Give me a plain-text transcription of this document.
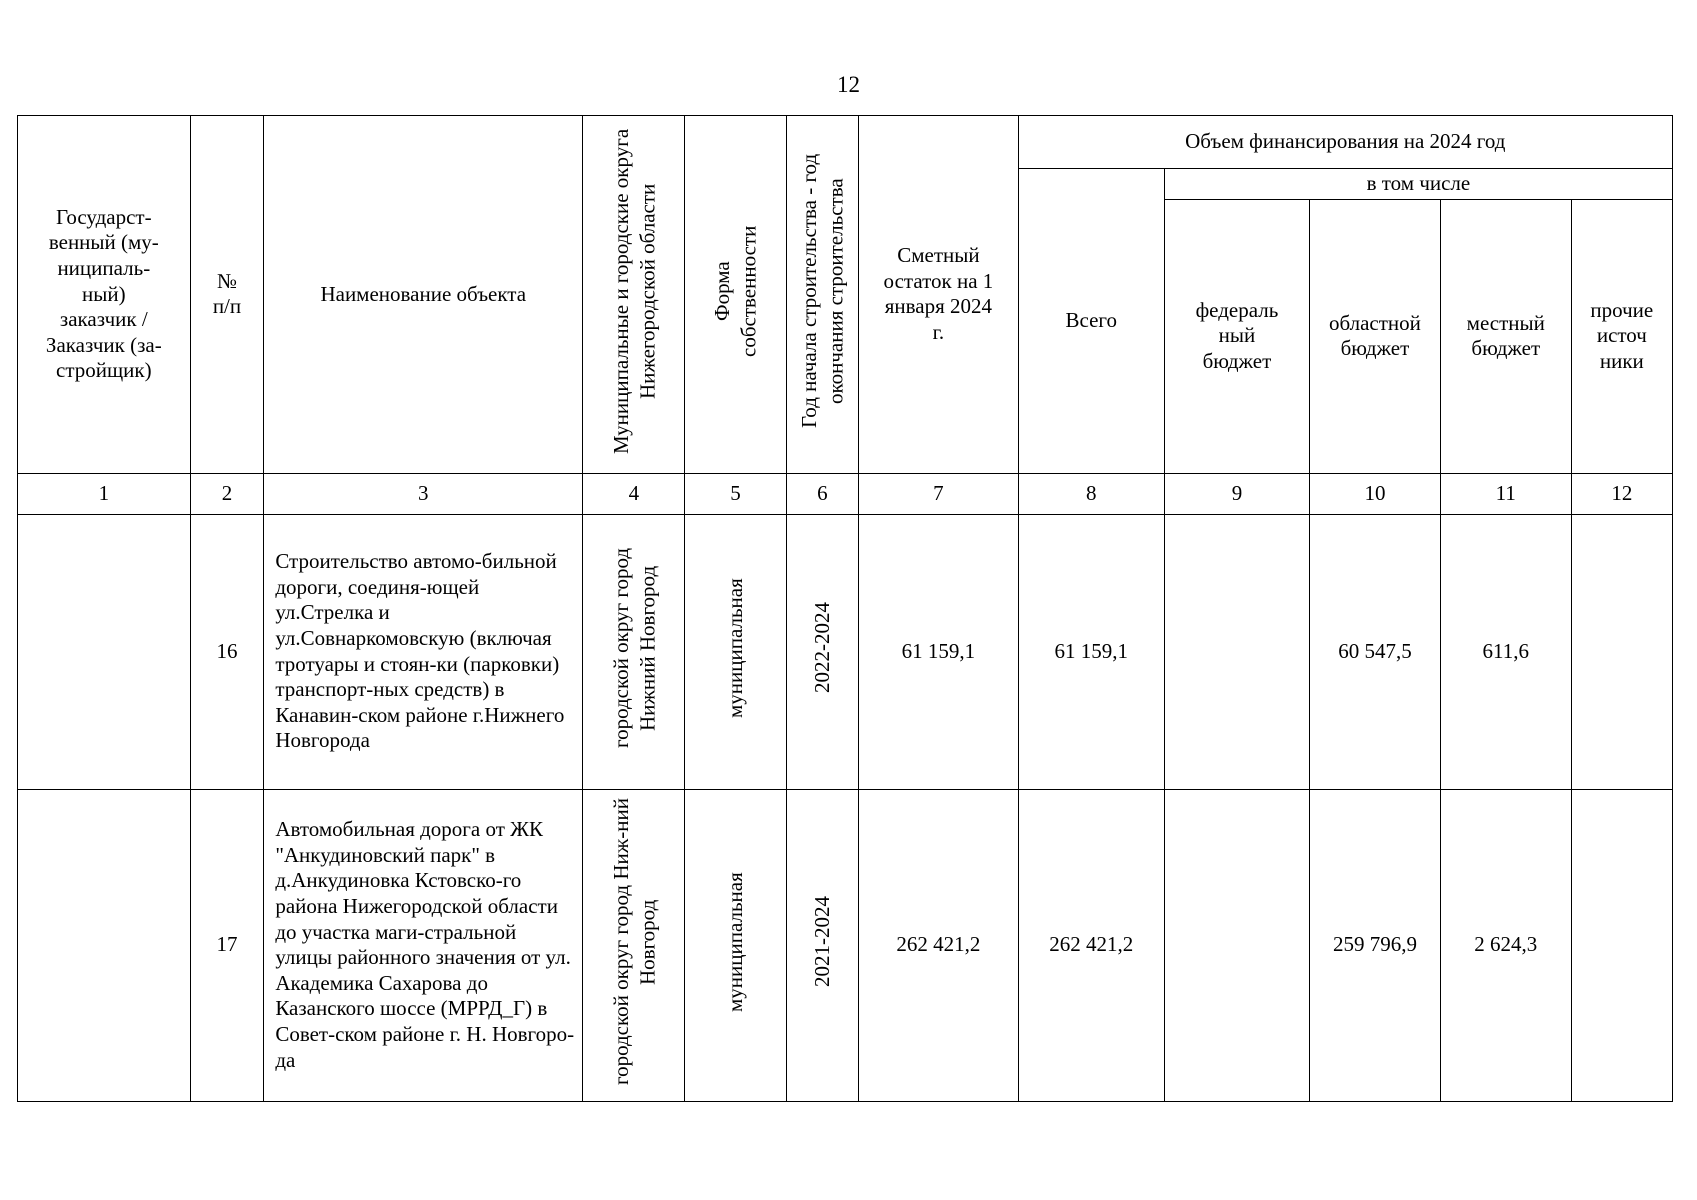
12
Государст- венный (му-ниципаль-ный) заказчик / Заказчик (за-стройщик)	№ п/п	Наименование объекта	Муниципальные и городские округа Нижегородской области	Форма собственности	Год начала строительства - год окончания строительства	Сметный остаток на 1 января 2024 г.	Объем финансирования на 2024 год				
							Всего	в том числе			

								федераль ный бюджет	областной бюджет	местный бюджет	прочие источ ники

1	2	3	4	5	6	7	8	9	10	11	12
	16	Строительство автомо-бильной дороги, соединя-ющей ул.Стрелка и ул.Совнаркомовскую (включая тротуары и стоян-ки (парковки) транспорт-ных средств) в Канавин-ском районе г.Нижнего Новгорода	городской округ город Нижний Новгород	муниципальная	2022-2024	61 159,1	61 159,1		60 547,5	611,6	
	17	Автомобильная дорога от ЖК "Анкудиновский парк" в д.Анкудиновка Кстовско-го района Нижегородской области до участка маги-стральной улицы районного значения от ул. Академика Сахарова до Казанского шоссе (МРРД_Г) в Совет-ском районе г. Н. Новгоро-да	городской округ город Ниж-ний Новгород	муниципальная	2021-2024	262 421,2	262 421,2		259 796,9	2 624,3	
